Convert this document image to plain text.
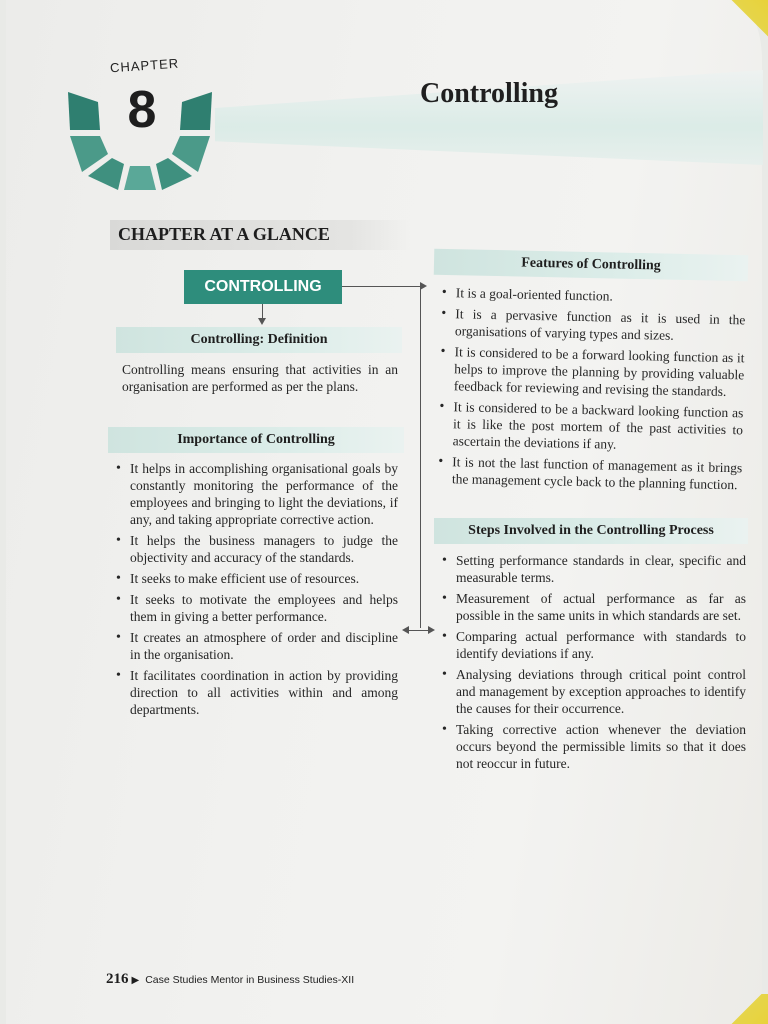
CHAPTER
8	Controlling
CHAPTER AT A GLANCE
CONTROLLING
Controlling: Definition
Controlling means ensuring that activities in an organisation are performed as per the plans.
Importance of Controlling
• It helps in accomplishing organisational goals by constantly monitoring the performance of the employees and bringing to light the deviations, if any, and taking appropriate corrective action.
• It helps the business managers to judge the objectivity and accuracy of the standards.
• It seeks to make efficient use of resources.
• It seeks to motivate the employees and helps them in giving a better performance.
• It creates an atmosphere of order and discipline in the organisation.
• It facilitates coordination in action by providing direction to all activities within and among departments.
Features of Controlling
• It is a goal-oriented function.
• It is a pervasive function as it is used in the organisations of varying types and sizes.
• It is considered to be a forward looking function as it helps to improve the planning by providing valuable feedback for reviewing and revising the standards.
• It is considered to be a backward looking function as it is like the post mortem of the past activities to ascertain the deviations if any.
• It is not the last function of management as it brings the management cycle back to the planning function.
Steps Involved in the Controlling Process
• Setting performance standards in clear, specific and measurable terms.
• Measurement of actual performance as far as possible in the same units in which standards are set.
• Comparing actual performance with standards to identify deviations if any.
• Analysing deviations through critical point control and management by exception approaches to identify the causes for their occurrence.
• Taking corrective action whenever the deviation occurs beyond the permissible limits so that it does not reoccur in future.
216 ▶ Case Studies Mentor in Business Studies-XII
